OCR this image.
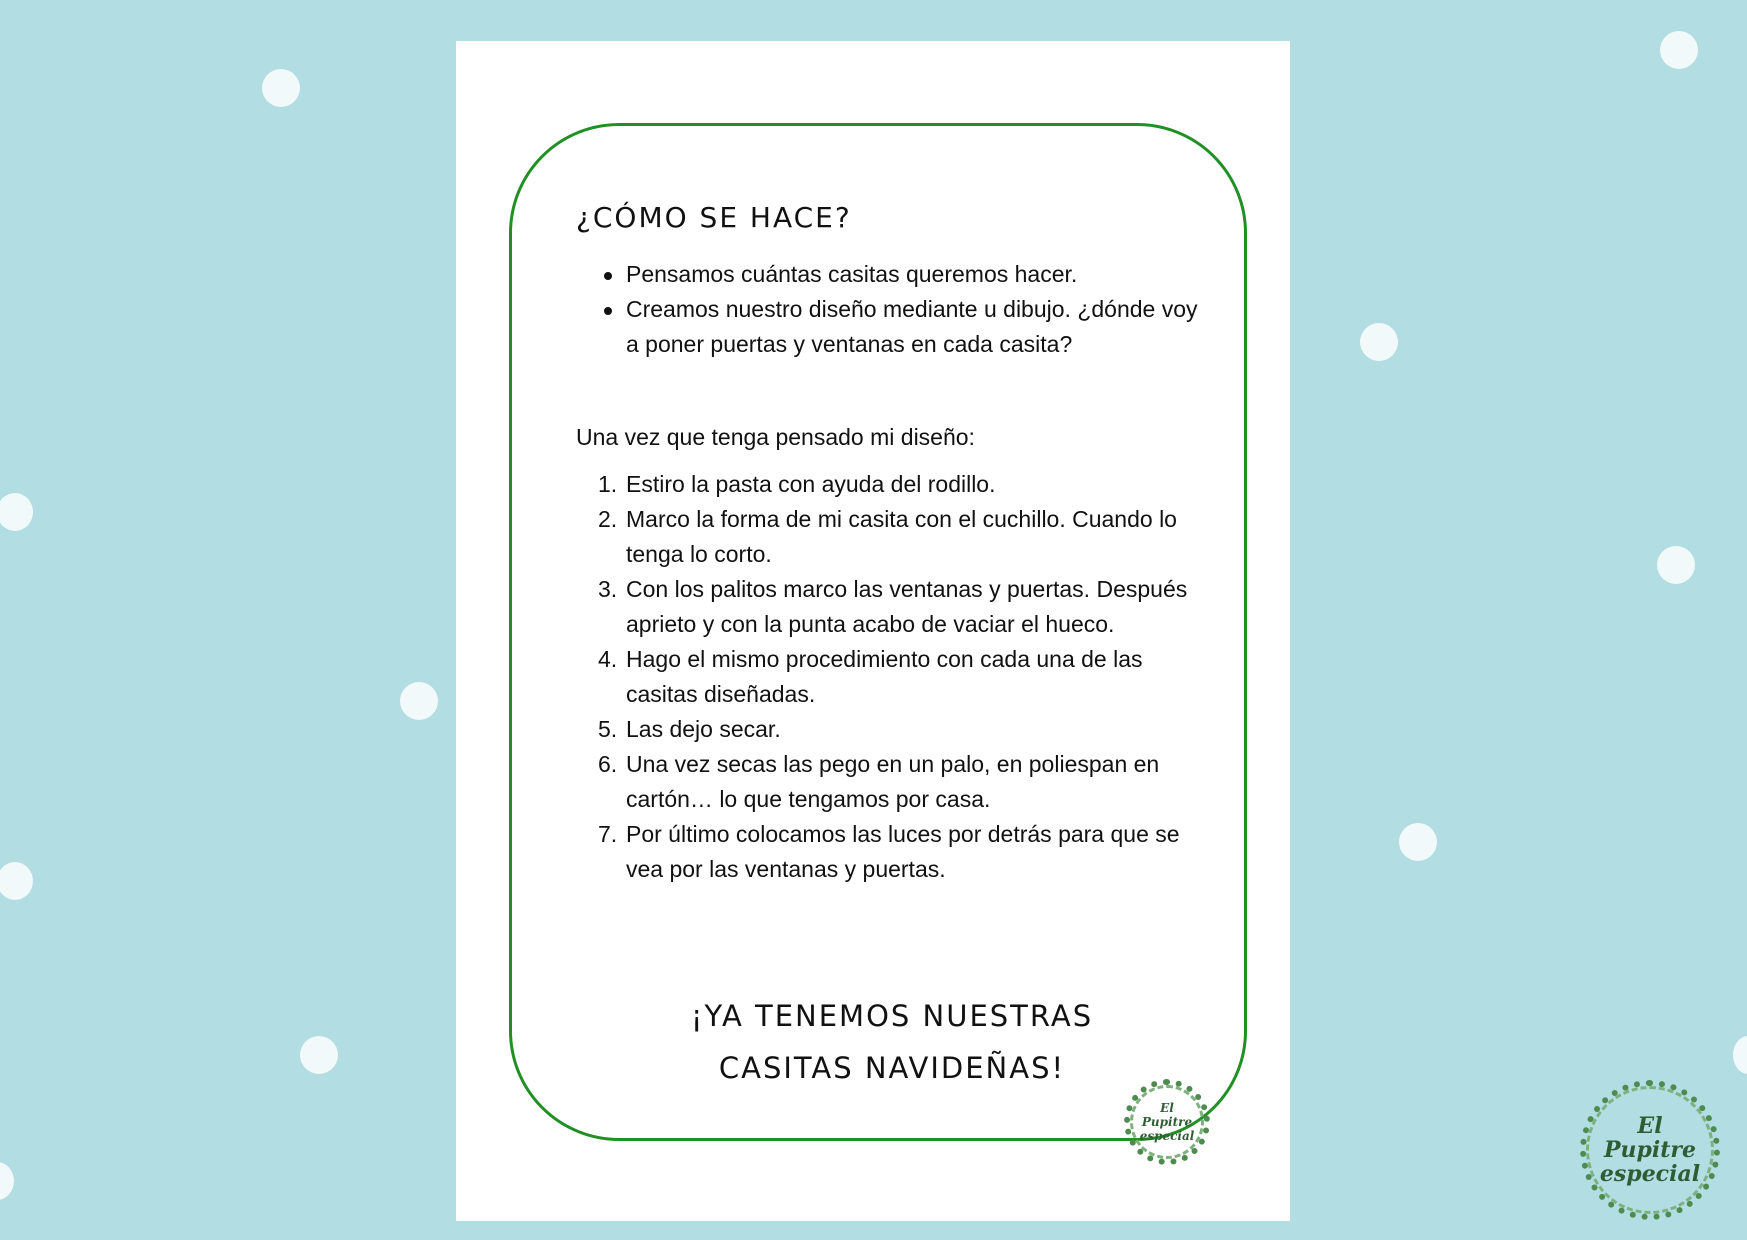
¿CÓMO SE HACE?
Pensamos cuántas casitas queremos hacer.
Creamos nuestro diseño mediante u dibujo. ¿dónde voy a poner puertas y ventanas en cada casita?

Una vez que tenga pensado mi diseño:

1. Estiro la pasta con ayuda del rodillo.
2. Marco la forma de mi casita con el cuchillo. Cuando lo tenga lo corto.
3. Con los palitos marco las ventanas y puertas. Después aprieto y con la punta acabo de vaciar el hueco.
4. Hago el mismo procedimiento con cada una de las casitas diseñadas.
5. Las dejo secar.
6. Una vez secas las pego en un palo, en poliespan en cartón… lo que tengamos por casa.
7. Por último colocamos las luces por detrás para que se vea por las ventanas y puertas.
¡YA TENEMOS NUESTRAS
CASITAS NAVIDEÑAS!
El
Pupitre
especial	El
Pupitre
especial
